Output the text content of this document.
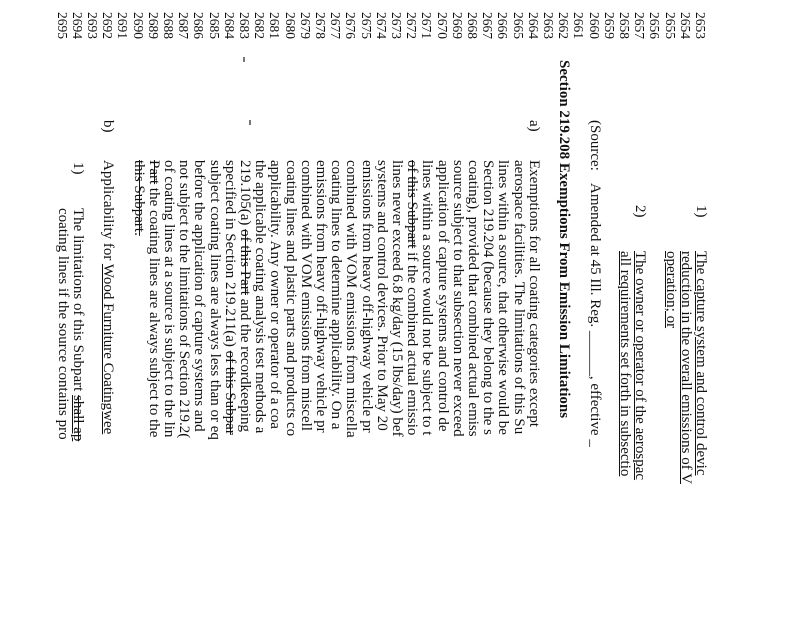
2653
2654
2655
2656
2657
2658
2659
2660
2661
2662
2663
2664
2665
2666
2667
2668
2669
2670
2671
2672
2673
2674
2675
2676
2677
2678
2679
2680
2681
2682
2683
2684
2685
2686
2687
2688
2689
2690
2691
2692
2693
2694
2695
1)
The capture system and control devic
reduction in the overall emissions of V
operation; or
2)
The owner or operator of the aerospac
all requirements set forth in subsectio
(Source:
Amended at 45 Ill. Reg. ______, effective _
Section 219.208 Exemptions From Emission Limitations
a)
Exemptions for all coating categories except
aerospace facilities. The limitations of this Su
lines within a source, that otherwise would be
Section 219.204 (because they belong to the s
coating), provided that combined actual emiss
source subject to that subsection never exceed
application of capture systems and control de
lines within a source would not be subject to t
of this Subpart if the combined actual emissio
lines never exceed 6.8 kg/day (15 lbs/day) bef
systems and control devices. Prior to May 20
emissions from heavy off-highway vehicle pr
combined with VOM emissions from miscella
coating lines to determine applicability. On a
emissions from heavy off-highway vehicle pr
combined with VOM emissions from miscell
coating lines and plastic parts and products co
applicability. Any owner or operator of a coa
the applicable coating analysis test methods a
219.105(a) of this Part and the recordkeeping
specified in Section 219.211(a) of this Subpar
subject coating lines are always less than or eq
before the application of capture systems and
not subject to the limitations of Section 219.2(
of coating lines at a source is subject to the lin
Part the coating lines are always subject to the
this Subpart.
b)
Applicability for Wood Furniture Coatingwee
1)
The limitations of this Subpart shall ap
coating lines if the source contains pro
